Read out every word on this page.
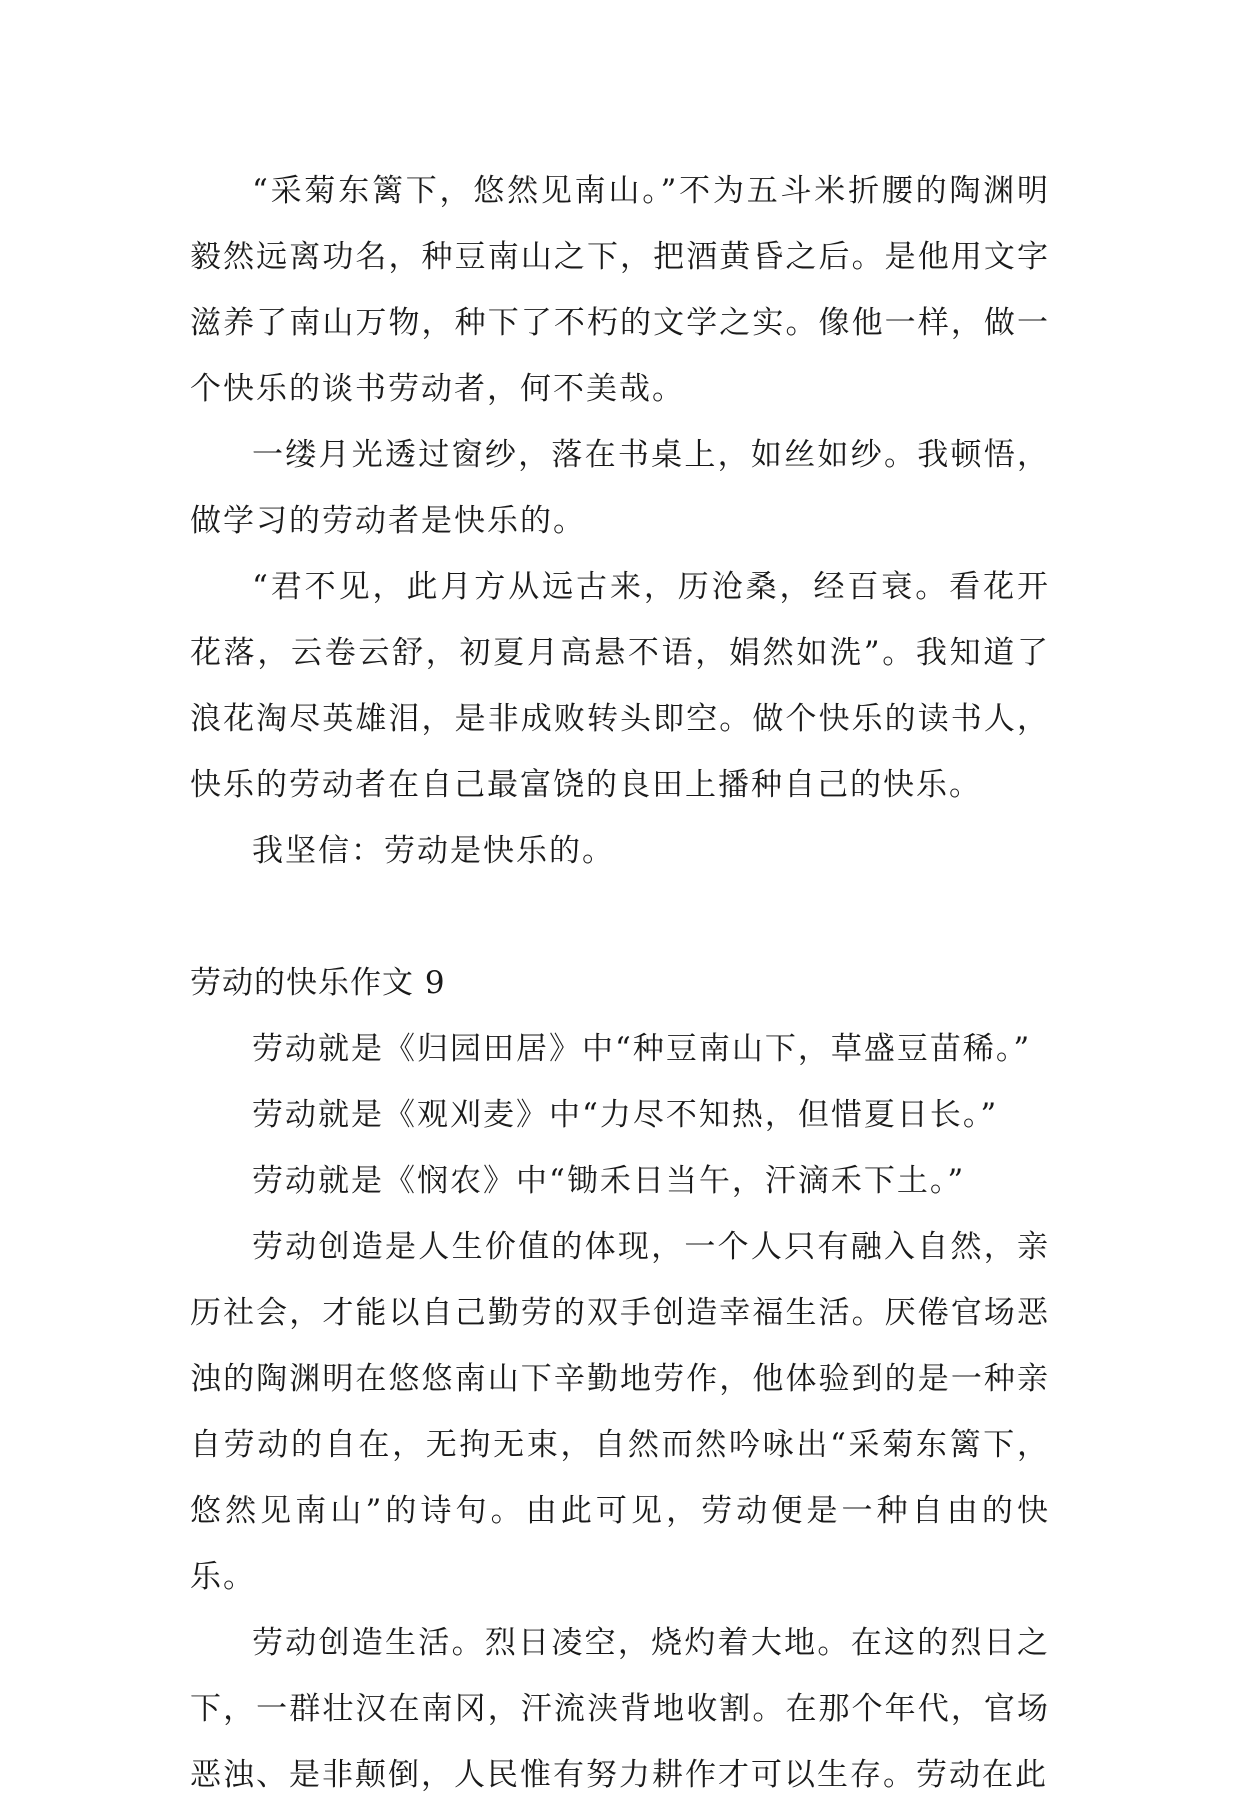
“采菊东篱下，悠然见南山。”不为五斗米折腰的陶渊明毅然远离功名，种豆南山之下，把酒黄昏之后。是他用文字滋养了南山万物，种下了不朽的文学之实。像他一样，做一个快乐的谈书劳动者，何不美哉。

一缕月光透过窗纱，落在书桌上，如丝如纱。我顿悟，做学习的劳动者是快乐的。

“君不见，此月方从远古来，历沧桑，经百衰。看花开花落，云卷云舒，初夏月高悬不语，娟然如洗”。我知道了浪花淘尽英雄泪，是非成败转头即空。做个快乐的读书人，快乐的劳动者在自己最富饶的良田上播种自己的快乐。

我坚信：劳动是快乐的。

劳动的快乐作文 9

劳动就是《归园田居》中“种豆南山下，草盛豆苗稀。”

劳动就是《观刈麦》中“力尽不知热，但惜夏日长。”

劳动就是《悯农》中“锄禾日当午，汗滴禾下土。”

劳动创造是人生价值的体现，一个人只有融入自然，亲历社会，才能以自己勤劳的双手创造幸福生活。厌倦官场恶浊的陶渊明在悠悠南山下辛勤地劳作，他体验到的是一种亲自劳动的自在，无拘无束，自然而然吟咏出“采菊东篱下，悠然见南山”的诗句。由此可见，劳动便是一种自由的快乐。

劳动创造生活。烈日凌空，烧灼着大地。在这的烈日之下，一群壮汉在南冈，汗流浃背地收割。在那个年代，官场恶浊、是非颠倒，人民惟有努力耕作才可以生存。劳动在此
